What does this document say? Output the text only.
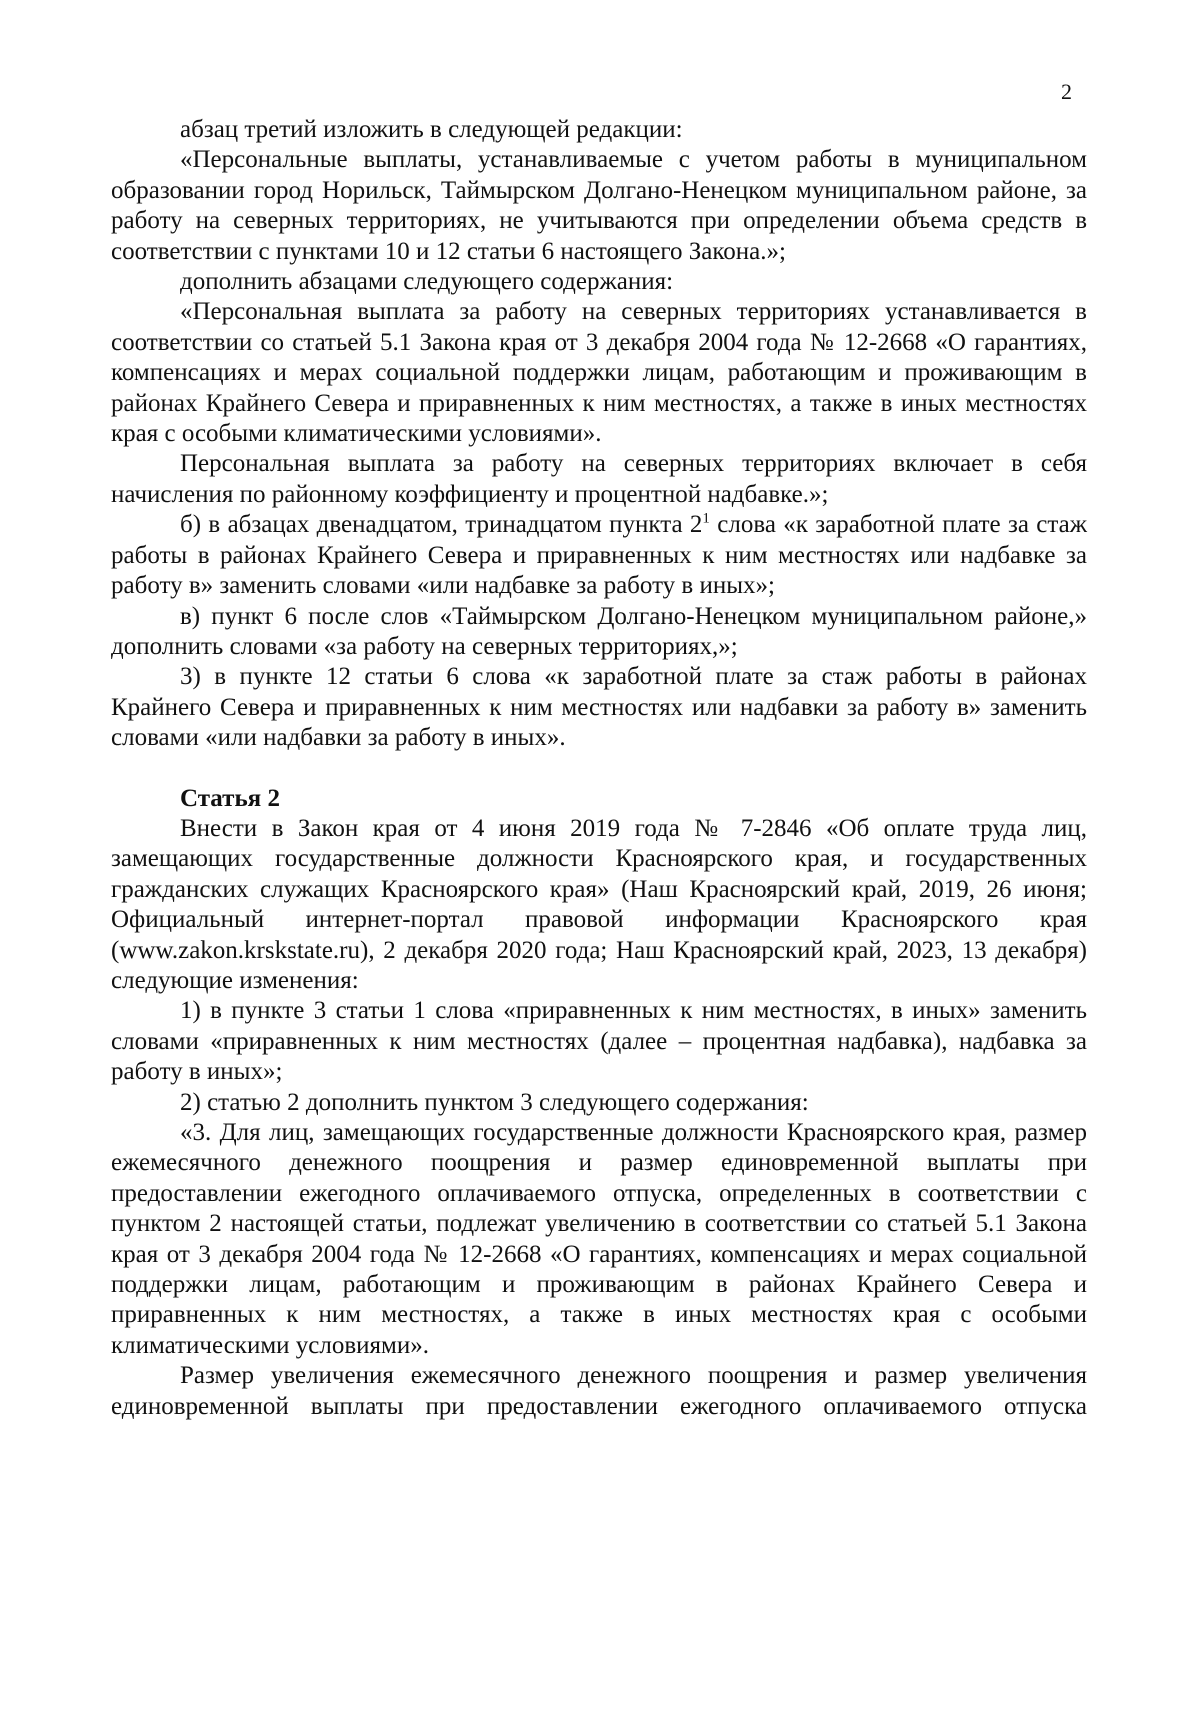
2

абзац третий изложить в следующей редакции:

«Персональные выплаты, устанавливаемые с учетом работы в муниципальном образовании город Норильск, Таймырском Долгано-Ненецком муниципальном районе, за работу на северных территориях, не учитываются при определении объема средств в соответствии с пунктами 10 и 12 статьи 6 настоящего Закона.»;

дополнить абзацами следующего содержания:

«Персональная выплата за работу на северных территориях устанавливается в соответствии со статьей 5.1 Закона края от 3 декабря 2004 года № 12-2668 «О гарантиях, компенсациях и мерах социальной поддержки лицам, работающим и проживающим в районах Крайнего Севера и приравненных к ним местностях, а также в иных местностях края с особыми климатическими условиями».

Персональная выплата за работу на северных территориях включает в себя начисления по районному коэффициенту и процентной надбавке.»;

б) в абзацах двенадцатом, тринадцатом пункта $2^1$ слова «к заработной плате за стаж работы в районах Крайнего Севера и приравненных к ним местностях или надбавке за работу в» заменить словами «или надбавке за работу в иных»;

в) пункт 6 после слов «Таймырском Долгано-Ненецком муниципальном районе,» дополнить словами «за работу на северных территориях,»;

3) в пункте 12 статьи 6 слова «к заработной плате за стаж работы в районах Крайнего Севера и приравненных к ним местностях или надбавки за работу в» заменить словами «или надбавки за работу в иных».

Статья 2

Внести в Закон края от 4 июня 2019 года № 7-2846 «Об оплате труда лиц, замещающих государственные должности Красноярского края, и государственных гражданских служащих Красноярского края» (Наш Красноярский край, 2019, 26 июня; Официальный интернет-портал правовой информации Красноярского края (www.zakon.krskstate.ru), 2 декабря 2020 года; Наш Красноярский край, 2023, 13 декабря) следующие изменения:

1) в пункте 3 статьи 1 слова «приравненных к ним местностях, в иных» заменить словами «приравненных к ним местностях (далее – процентная надбавка), надбавка за работу в иных»;

2) статью 2 дополнить пунктом 3 следующего содержания:

«3. Для лиц, замещающих государственные должности Красноярского края, размер ежемесячного денежного поощрения и размер единовременной выплаты при предоставлении ежегодного оплачиваемого отпуска, определенных в соответствии с пунктом 2 настоящей статьи, подлежат увеличению в соответствии со статьей 5.1 Закона края от 3 декабря 2004 года № 12-2668 «О гарантиях, компенсациях и мерах социальной поддержки лицам, работающим и проживающим в районах Крайнего Севера и приравненных к ним местностях, а также в иных местностях края с особыми климатическими условиями».

Размер увеличения ежемесячного денежного поощрения и размер увеличения единовременной выплаты при предоставлении ежегодного оплачиваемого отпуска
